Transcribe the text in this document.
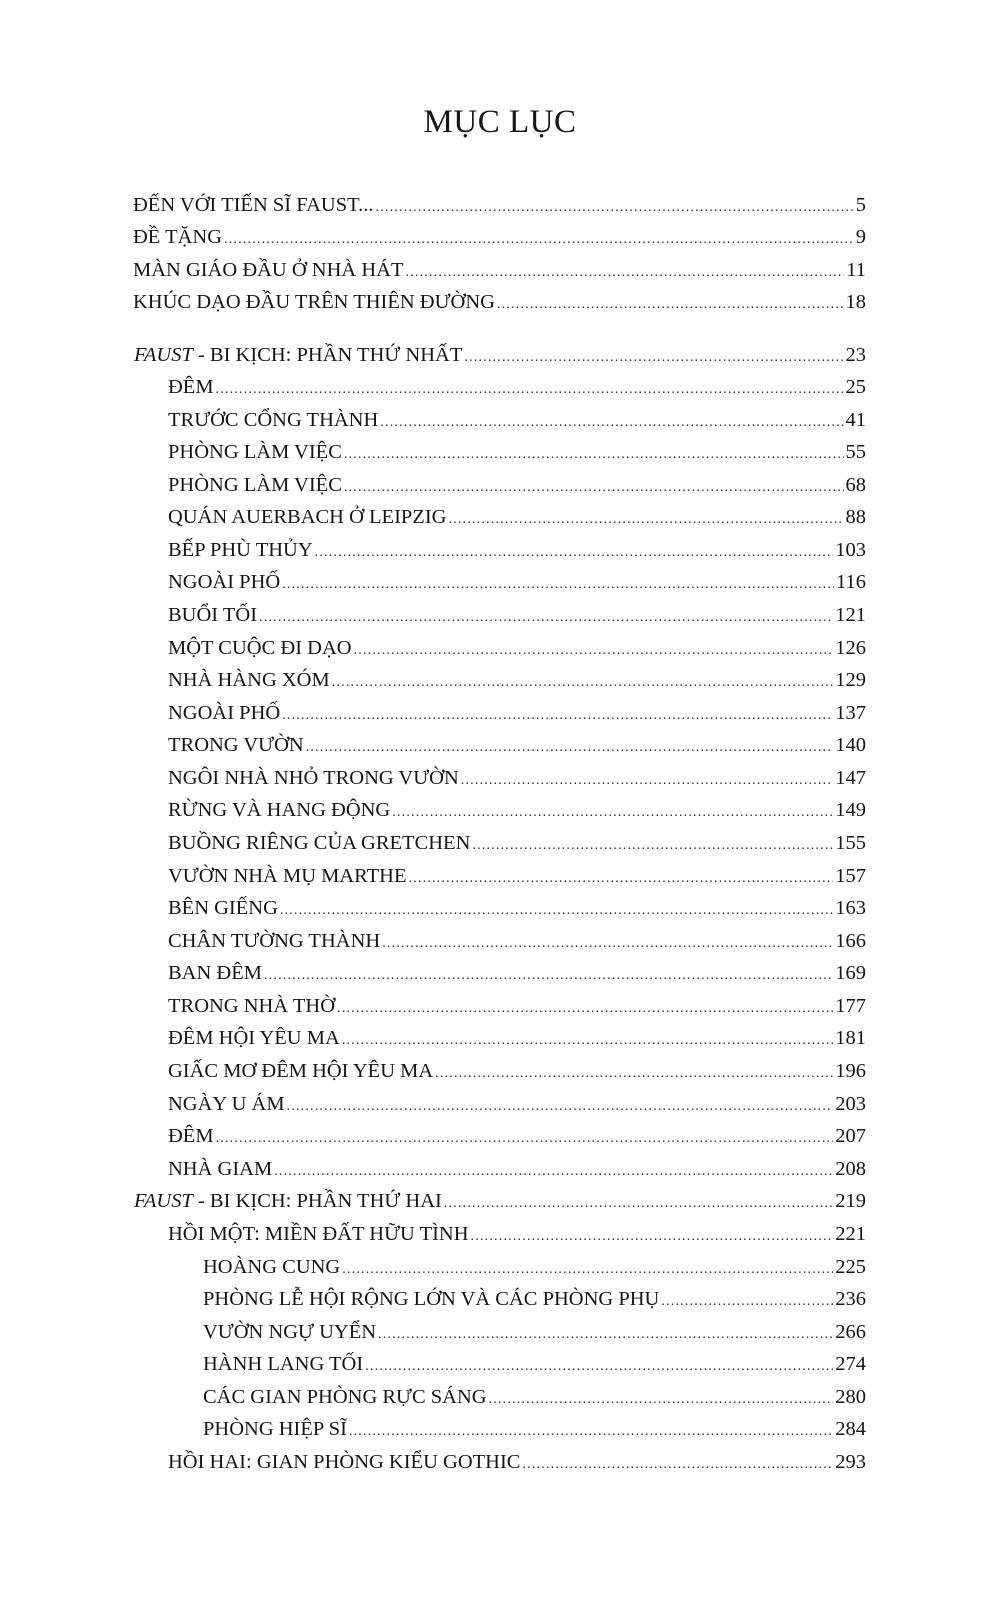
MỤC LỤC
ĐẾN VỚI TIẾN SĨ FAUST... .....	5
ĐỀ TẶNG .....	9
MÀN GIÁO ĐẦU Ở NHÀ HÁT .....	11
KHÚC DẠO ĐẦU TRÊN THIÊN ĐƯỜNG .....	18
FAUST - BI KỊCH: PHẦN THỨ NHẤT .....	23
ĐÊM .....	25
TRƯỚC CỔNG THÀNH .....	41
PHÒNG LÀM VIỆC .....	55
PHÒNG LÀM VIỆC .....	68
QUÁN AUERBACH Ở LEIPZIG .....	88
BẾP PHÙ THỦY .....	103
NGOÀI PHỐ .....	116
BUỔI TỐI .....	121
MỘT CUỘC ĐI DẠO .....	126
NHÀ HÀNG XÓM .....	129
NGOÀI PHỐ .....	137
TRONG VƯỜN .....	140
NGÔI NHÀ NHỎ TRONG VƯỜN .....	147
RỪNG VÀ HANG ĐỘNG .....	149
BUỒNG RIÊNG CỦA GRETCHEN .....	155
VƯỜN NHÀ MỤ MARTHE .....	157
BÊN GIẾNG .....	163
CHÂN TƯỜNG THÀNH .....	166
BAN ĐÊM .....	169
TRONG NHÀ THỜ .....	177
ĐÊM HỘI YÊU MA .....	181
GIẤC MƠ ĐÊM HỘI YÊU MA .....	196
NGÀY U ÁM .....	203
ĐÊM .....	207
NHÀ GIAM .....	208
FAUST - BI KỊCH: PHẦN THỨ HAI .....	219
HỒI MỘT: MIỀN ĐẤT HỮU TÌNH .....	221
HOÀNG CUNG .....	225
PHÒNG LỄ HỘI RỘNG LỚN VÀ CÁC PHÒNG PHỤ .....	236
VƯỜN NGỰ UYỂN .....	266
HÀNH LANG TỐI .....	274
CÁC GIAN PHÒNG RỰC SÁNG .....	280
PHÒNG HIỆP SĨ .....	284
HỒI HAI: GIAN PHÒNG KIỂU GOTHIC .....	293
